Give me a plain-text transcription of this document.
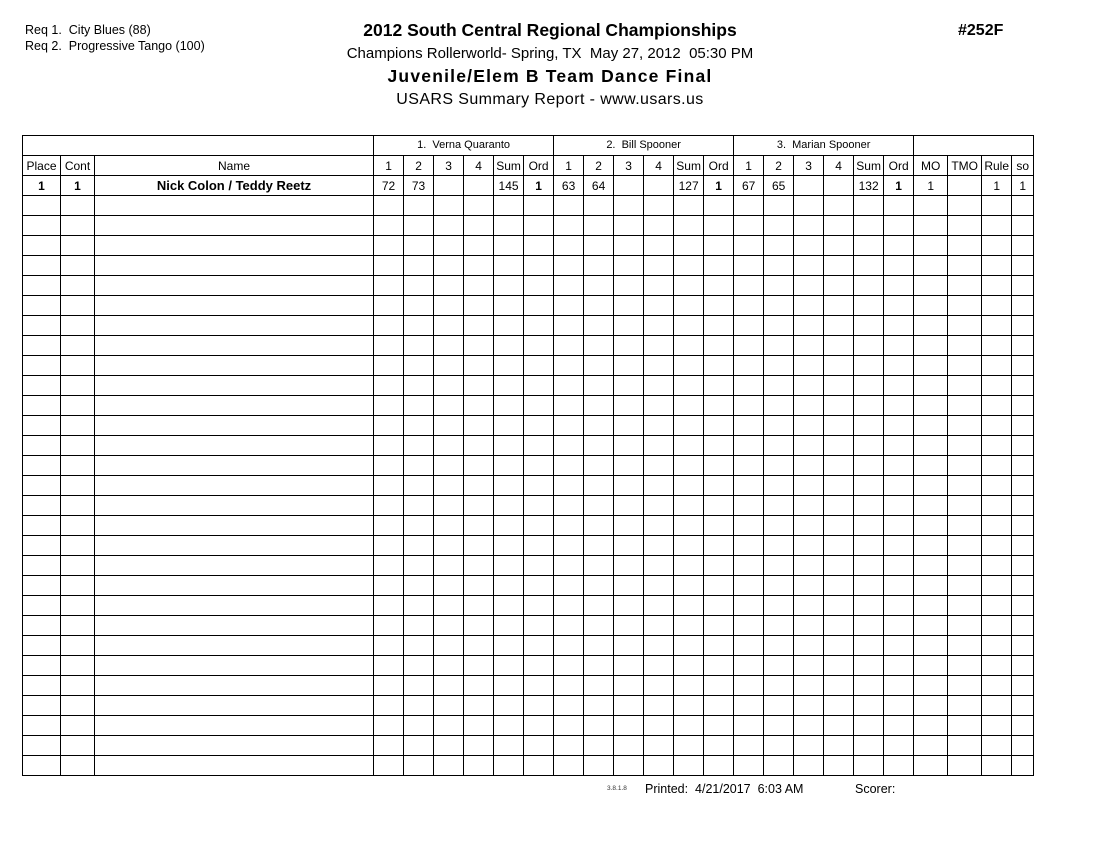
Req 1.  City Blues (88)
Req 2.  Progressive Tango (100)
2012 South Central Regional Championships
Champions Rollerworld- Spring, TX  May 27, 2012  05:30 PM
Juvenile/Elem B Team Dance Final
USARS Summary Report - www.usars.us
#252F
			1.  Verna Quaranto						2.  Bill Spooner						3.  Marian Spooner									
Place	Cont	Name	1	2	3	4	Sum	Ord	1	2	3	4	Sum	Ord	1	2	3	4	Sum	Ord	MO	TMO	Rule	so
1	1	Nick Colon / Teddy Reetz	72	73			145	1	63	64			127	1	67	65			132	1	1		1	1

3.8.1.8 Printed:  4/21/2017  6:03 AM	Scorer:
